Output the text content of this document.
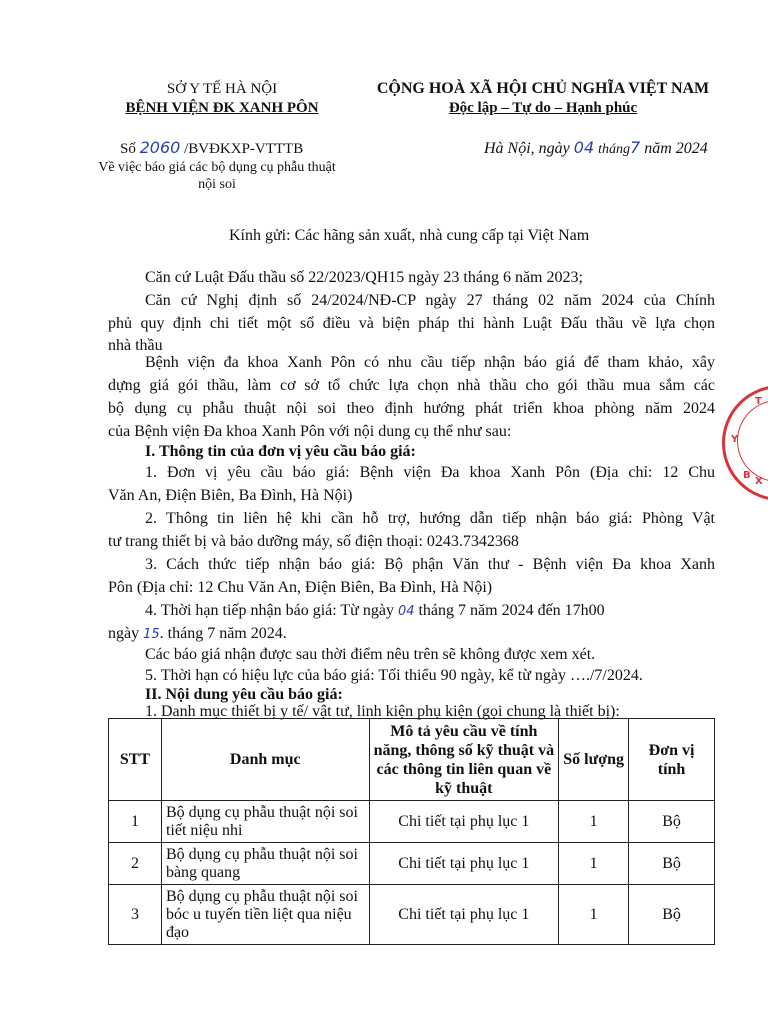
SỞ Y TẾ HÀ NỘI
BỆNH VIỆN ĐK XANH PÔN
CỘNG HOÀ XÃ HỘI CHỦ NGHĨA VIỆT NAM
Độc lập – Tự do – Hạnh phúc
Số 2060 /BVĐKXP-VTTTB
Về việc báo giá các bộ dụng cụ phẫu thuật
nội soi
Hà Nội, ngày 04 tháng7 năm 2024
Kính gửi: Các hãng sản xuất, nhà cung cấp tại Việt Nam
Căn cứ Luật Đấu thầu số 22/2023/QH15 ngày 23 tháng 6 năm 2023;
Căn cứ Nghị định số 24/2024/NĐ-CP ngày 27 tháng 02 năm 2024 của Chính
phủ quy định chi tiết một số điều và biện pháp thi hành Luật Đấu thầu về lựa chọn
nhà thầu
Bệnh viện đa khoa Xanh Pôn có nhu cầu tiếp nhận báo giá để tham khảo, xây
dựng giá gói thầu, làm cơ sở tổ chức lựa chọn nhà thầu cho gói thầu mua sắm các
bộ dụng cụ phẫu thuật nội soi theo định hướng phát triển khoa phòng năm 2024
của Bệnh viện Đa khoa Xanh Pôn với nội dung cụ thể như sau:
I. Thông tin của đơn vị yêu cầu báo giá:
1. Đơn vị yêu cầu báo giá: Bệnh viện Đa khoa Xanh Pôn (Địa chỉ: 12 Chu
Văn An, Điện Biên, Ba Đình, Hà Nội)
2. Thông tin liên hệ khi cần hỗ trợ, hướng dẫn tiếp nhận báo giá: Phòng Vật
tư trang thiết bị và bảo dưỡng máy, số điện thoại: 0243.7342368
3. Cách thức tiếp nhận báo giá: Bộ phận Văn thư - Bệnh viện Đa khoa Xanh
Pôn (Địa chỉ: 12 Chu Văn An, Điện Biên, Ba Đình, Hà Nội)
4. Thời hạn tiếp nhận báo giá: Từ ngày 04 tháng 7 năm 2024 đến 17h00
ngày 15. tháng 7 năm 2024.
Các báo giá nhận được sau thời điểm nêu trên sẽ không được xem xét.
5. Thời hạn có hiệu lực của báo giá: Tối thiểu 90 ngày, kể từ ngày …./7/2024.
II. Nội dung yêu cầu báo giá:
1. Danh mục thiết bị y tế/ vật tư, linh kiện phụ kiện (gọi chung là thiết bị):
STT	Danh mục	Mô tả yêu cầu về tính năng, thông số kỹ thuật và các thông tin liên quan về kỹ thuật	Số lượng	Đơn vị tính
1	Bộ dụng cụ phẫu thuật nội soi tiết niệu nhi	Chi tiết tại phụ lục 1	1	Bộ
2	Bộ dụng cụ phẫu thuật nội soi bàng quang	Chi tiết tại phụ lục 1	1	Bộ
3	Bộ dụng cụ phẫu thuật nội soi bóc u tuyến tiền liệt qua niệu đạo	Chi tiết tại phụ lục 1	1	Bộ
T
Y
B
X
